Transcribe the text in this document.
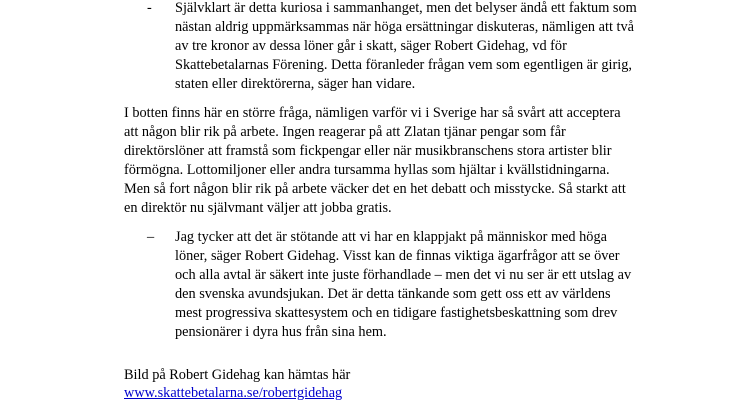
- Självklart är detta kuriosa i sammanhanget, men det belyser ändå ett faktum som
nästan aldrig uppmärksammas när höga ersättningar diskuteras, nämligen att två
av tre kronor av dessa löner går i skatt, säger Robert Gidehag, vd för
Skattebetalarnas Förening. Detta föranleder frågan vem som egentligen är girig,
staten eller direktörerna, säger han vidare.
I botten finns här en större fråga, nämligen varför vi i Sverige har så svårt att acceptera
att någon blir rik på arbete. Ingen reagerar på att Zlatan tjänar pengar som får
direktörslöner att framstå som fickpengar eller när musikbranschens stora artister blir
förmögna. Lottomiljoner eller andra tursamma hyllas som hjältar i kvällstidningarna.
Men så fort någon blir rik på arbete väcker det en het debatt och misstycke. Så starkt att
en direktör nu självmant väljer att jobba gratis.
– Jag tycker att det är stötande att vi har en klappjakt på människor med höga
löner, säger Robert Gidehag. Visst kan de finnas viktiga ägarfrågor att se över
och alla avtal är säkert inte juste förhandlade – men det vi nu ser är ett utslag av
den svenska avundsjukan. Det är detta tänkande som gett oss ett av världens
mest progressiva skattesystem och en tidigare fastighetsbeskattning som drev
pensionärer i dyra hus från sina hem.
Bild på Robert Gidehag kan hämtas här
www.skattebetalarna.se/robertgidehag
